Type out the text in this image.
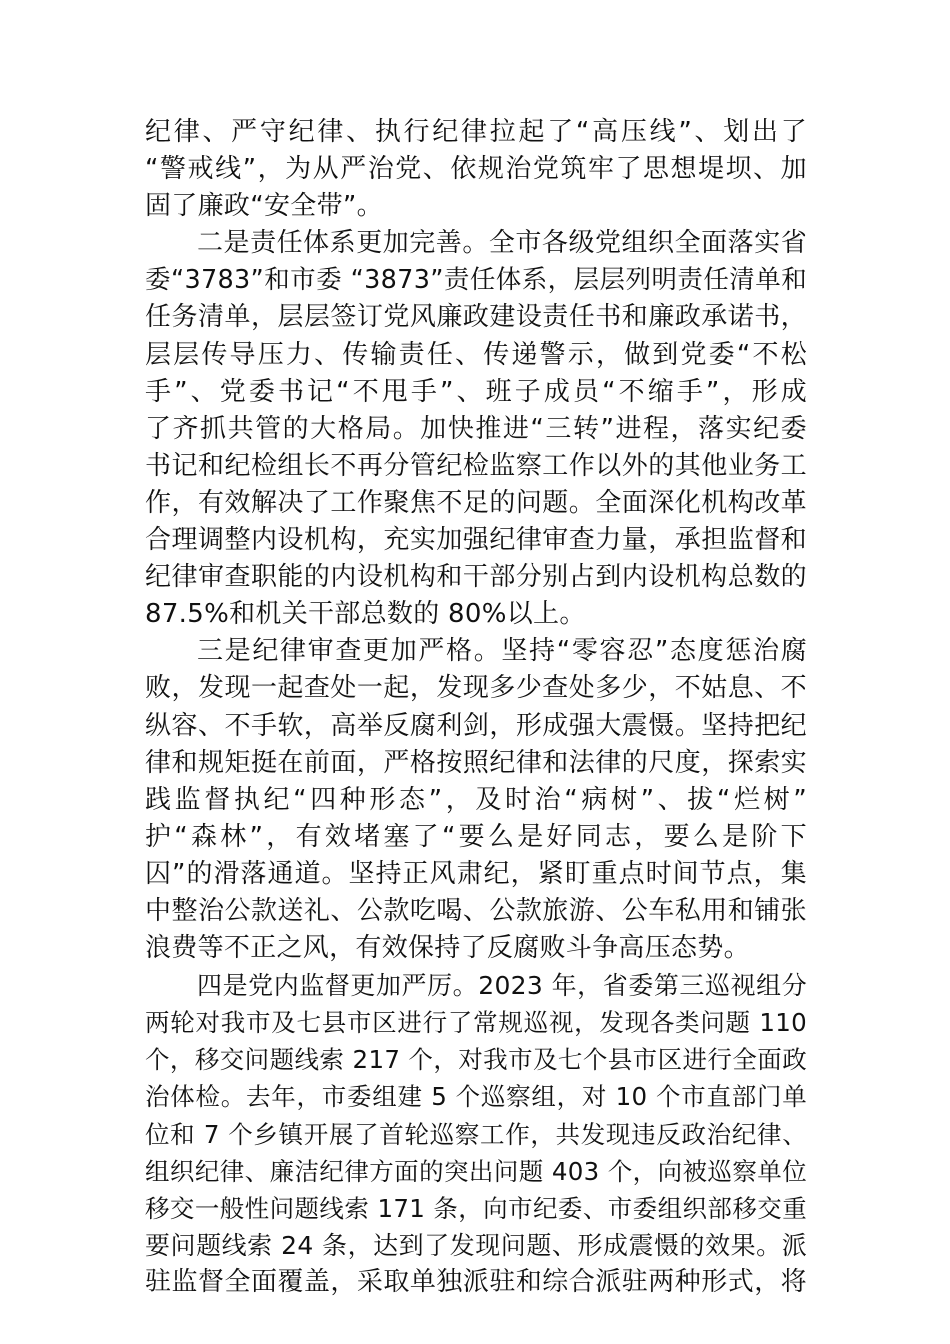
纪律、严守纪律、执行纪律拉起了“高压线”、划出了
“警戒线”，为从严治党、依规治党筑牢了思想堤坝、加
固了廉政“安全带”。
二是责任体系更加完善。全市各级党组织全面落实省
委“3783”和市委 “3873”责任体系，层层列明责任清单和
任务清单，层层签订党风廉政建设责任书和廉政承诺书，
层层传导压力、传输责任、传递警示，做到党委“不松
手”、党委书记“不甩手”、班子成员“不缩手”，形成
了齐抓共管的大格局。加快推进“三转”进程，落实纪委
书记和纪检组长不再分管纪检监察工作以外的其他业务工
作，有效解决了工作聚焦不足的问题。全面深化机构改革
合理调整内设机构，充实加强纪律审查力量，承担监督和
纪律审查职能的内设机构和干部分别占到内设机构总数的
87.5%和机关干部总数的 80%以上。
三是纪律审查更加严格。坚持“零容忍”态度惩治腐
败，发现一起查处一起，发现多少查处多少，不姑息、不
纵容、不手软，高举反腐利剑，形成强大震慑。坚持把纪
律和规矩挺在前面，严格按照纪律和法律的尺度，探索实
践监督执纪“四种形态”，及时治“病树”、拔“烂树”
护“森林”，有效堵塞了“要么是好同志，要么是阶下
囚”的滑落通道。坚持正风肃纪，紧盯重点时间节点，集
中整治公款送礼、公款吃喝、公款旅游、公车私用和铺张
浪费等不正之风，有效保持了反腐败斗争高压态势。
四是党内监督更加严厉。2023 年，省委第三巡视组分
两轮对我市及七县市区进行了常规巡视，发现各类问题 110
个，移交问题线索 217 个，对我市及七个县市区进行全面政
治体检。去年，市委组建 5 个巡察组，对 10 个市直部门单
位和 7 个乡镇开展了首轮巡察工作，共发现违反政治纪律、
组织纪律、廉洁纪律方面的突出问题 403 个，向被巡察单位
移交一般性问题线索 171 条，向市纪委、市委组织部移交重
要问题线索 24 条，达到了发现问题、形成震慑的效果。派
驻监督全面覆盖，采取单独派驻和综合派驻两种形式，将
